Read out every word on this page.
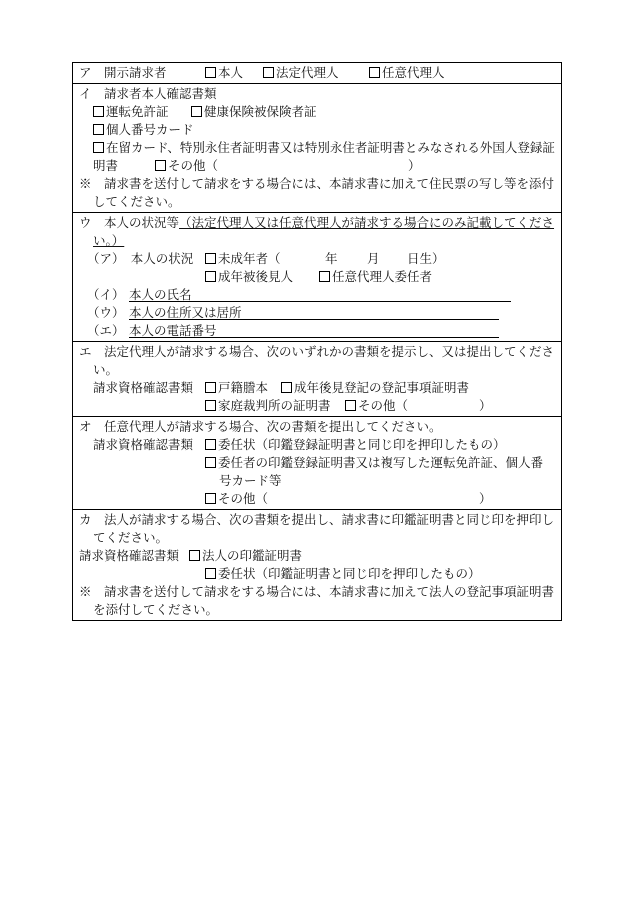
ア　開示請求者	本人	法定代理人	任意代理人
イ　請求者本人確認書類
運転免許証	健康保険被保険者証
個人番号カード
在留カード、特別永住者証明書又は特別永住者証明書とみなされる外国人登録証明書	その他（	）
※　 請求書を送付して請求をする場合には、本請求書に加えて住民票の写し等を添付してください。
ウ　本人の状況等（法定代理人又は任意代理人が請求する場合にのみ記載してください。）
（ア）　本人の状況	未成年者（	年 月 日生）
成年被後見人	任意代理人委任者
（イ） 本人の氏名
（ウ） 本人の住所又は居所
（エ） 本人の電話番号
エ　法定代理人が請求する場合、次のいずれかの書類を提示し、又は提出してください。
請求資格確認書類	戸籍謄本	成年後見登記の登記事項証明書
家庭裁判所の証明書	その他（	）
オ　任意代理人が請求する場合、次の書類を提出してください。
請求資格確認書類	委任状（印鑑登録証明書と同じ印を押印したもの）
委任者の印鑑登録証明書又は複写した運転免許証、個人番号カード等
その他（	）
カ　法人が請求する場合、次の書類を提出し、請求書に印鑑証明書と同じ印を押印してください。
請求資格確認書類	法人の印鑑証明書
委任状（印鑑証明書と同じ印を押印したもの）
※　 請求書を送付して請求をする場合には、本請求書に加えて法人の登記事項証明書を添付してください。
